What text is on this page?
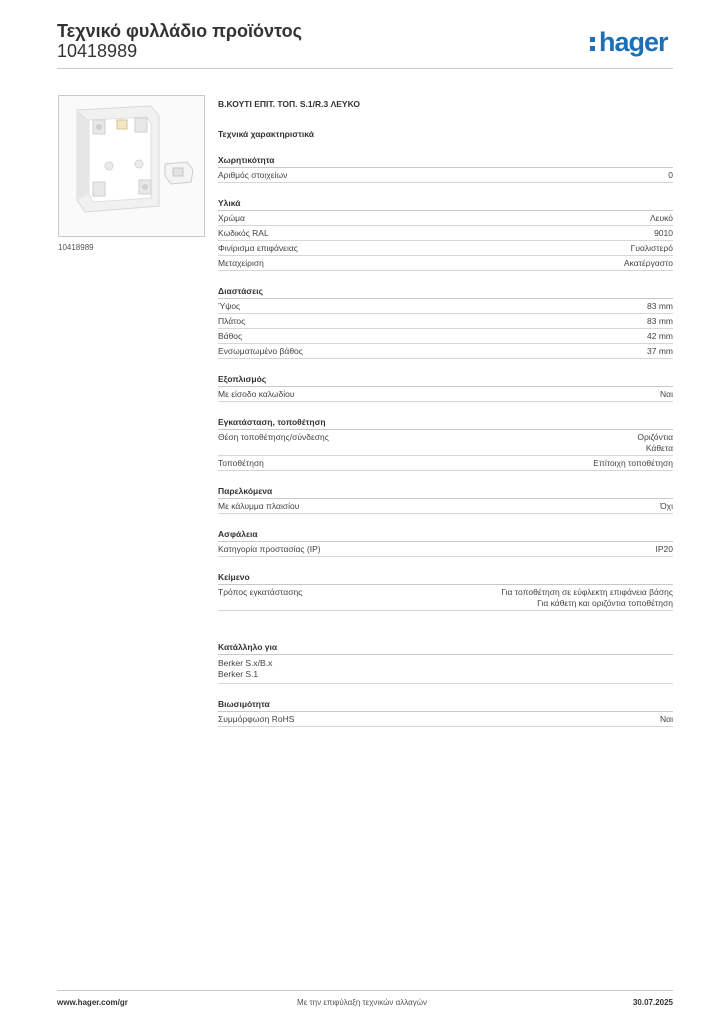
Τεχνικό φυλλάδιο προϊόντος
10418989	hager
10418989
Β.ΚΟΥΤΙ ΕΠΙΤ. ΤΟΠ. S.1/R.3 ΛΕΥΚΟ
Τεχνικά χαρακτηριστικά
Χωρητικότητα
Αριθμός στοιχείων	0
Υλικά
Χρώμα	Λευκό
Κωδικός RAL	9010
Φινίρισμα επιφάνειας	Γυαλιστερό
Μεταχείριση	Ακατέργαστο
Διαστάσεις
Ύψος	83 mm
Πλάτος	83 mm
Βάθος	42 mm
Ενσωματωμένο βάθος	37 mm
Εξοπλισμός
Με είσοδο καλωδίου	Ναι
Εγκατάσταση, τοποθέτηση
Θέση τοποθέτησης/σύνδεσης	Οριζόντια
Κάθετα
Τοποθέτηση	Επίτοιχη τοποθέτηση
Παρελκόμενα
Με κάλυμμα πλαισίου	Όχι
Ασφάλεια
Κατηγορία προστασίας (IP)	IP20
Κείμενο
Τρόπος εγκατάστασης	Για τοποθέτηση σε εύφλεκτη επιφάνεια βάσης
Για κάθετη και οριζόντια τοποθέτηση
Κατάλληλο για
Berker S.x/B.x
Berker S.1
Βιωσιμότητα
Συμμόρφωση RoHS	Ναι
www.hager.com/gr	Με την επιφύλαξη τεχνικών αλλαγών	30.07.2025
